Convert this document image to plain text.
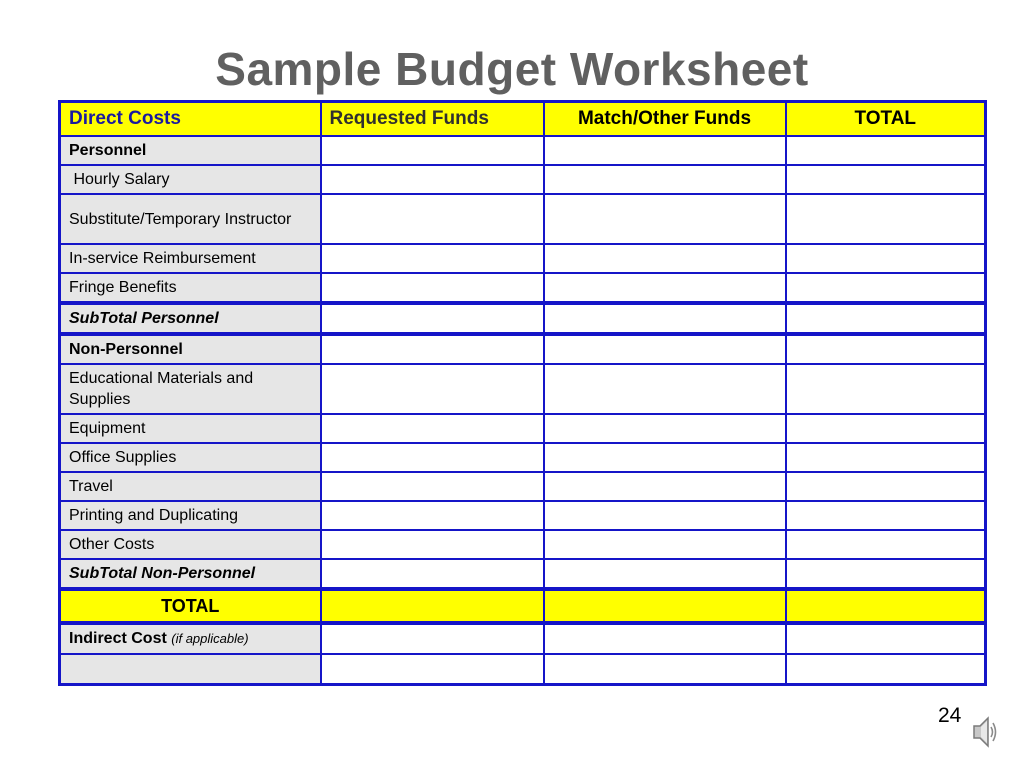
Sample Budget Worksheet
Direct Costs	Requested Funds	Match/Other Funds	TOTAL
Personnel			
Hourly Salary			
Substitute/Temporary Instructor			
In-service Reimbursement			
Fringe Benefits			
SubTotal Personnel			
Non-Personnel			
Educational Materials and Supplies			
Equipment			
Office Supplies			
Travel			
Printing and Duplicating			
Other Costs			
SubTotal Non-Personnel			
TOTAL			
Indirect Cost (if applicable)			

24
